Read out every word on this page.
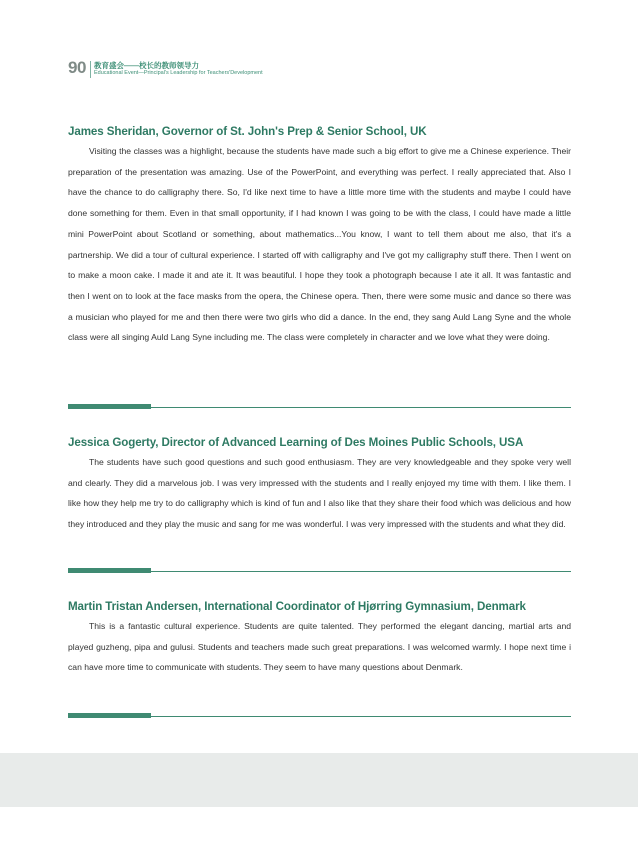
90 教育盛会——校长的教师领导力
Educational Event—Principal's Leadership for Teachers'Development
James Sheridan, Governor of St. John's Prep & Senior School, UK

Visiting the classes was a highlight, because the students have made such a big effort to give me a Chinese experience. Their preparation of the presentation was amazing. Use of the PowerPoint, and everything was perfect. I really appreciated that. Also I have the chance to do calligraphy there. So, I'd like next time to have a little more time with the students and maybe I could have done something for them. Even in that small opportunity, if I had known I was going to be with the class, I could have made a little mini PowerPoint about Scotland or something, about mathematics...You know, I want to tell them about me also, that it's a partnership. We did a tour of cultural experience. I started off with calligraphy and I've got my calligraphy stuff there. Then I went on to make a moon cake. I made it and ate it. It was beautiful. I hope they took a photograph because I ate it all. It was fantastic and then I went on to look at the face masks from the opera, the Chinese opera. Then, there were some music and dance so there was a musician who played for me and then there were two girls who did a dance. In the end, they sang Auld Lang Syne and the whole class were all singing Auld Lang Syne including me. The class were completely in character and we love what they were doing.

Jessica Gogerty, Director of Advanced Learning of Des Moines Public Schools, USA

The students have such good questions and such good enthusiasm. They are very knowledgeable and they spoke very well and clearly. They did a marvelous job. I was very impressed with the students and I really enjoyed my time with them. I like them. I like how they help me try to do calligraphy which is kind of fun and I also like that they share their food which was delicious and how they introduced and they play the music and sang for me was wonderful. I was very impressed with the students and what they did.

Martin Tristan Andersen, International Coordinator of Hjørring Gymnasium, Denmark

This is a fantastic cultural experience. Students are quite talented. They performed the elegant dancing, martial arts and played guzheng, pipa and gulusi. Students and teachers made such great preparations. I was welcomed warmly. I hope next time i can have more time to communicate with students. They seem to have many questions about Denmark.
